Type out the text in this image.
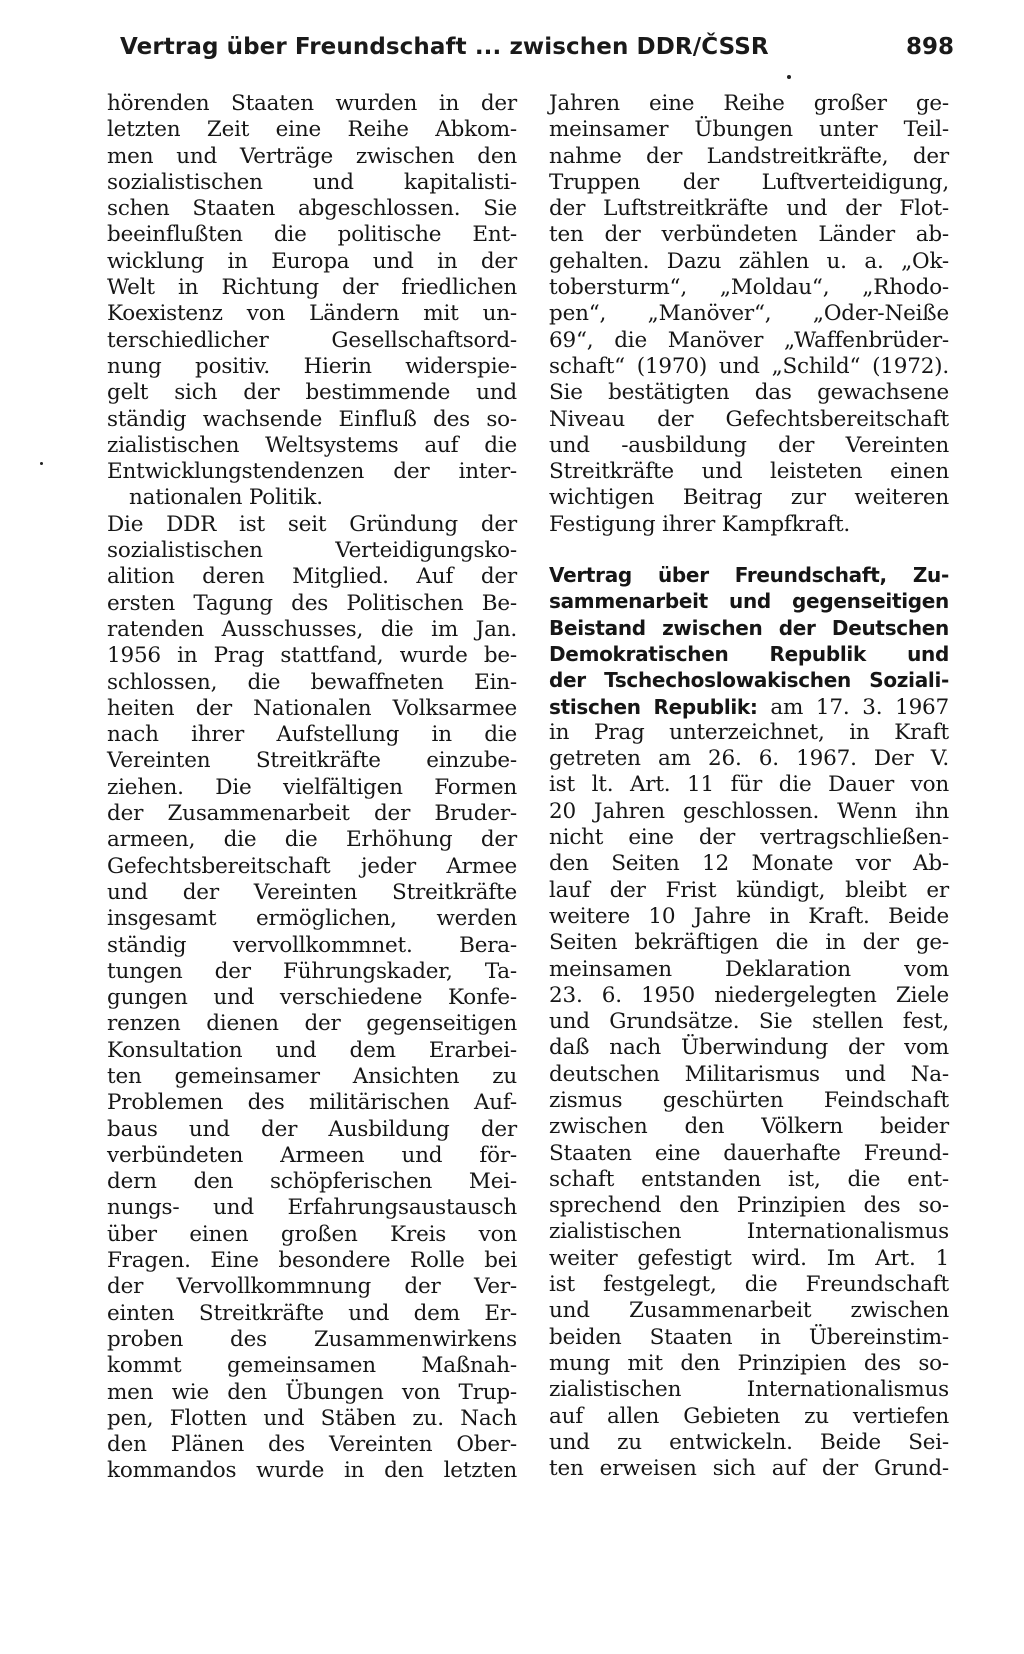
Vertrag über Freundschaft ... zwischen DDR/ČSSR	898
hörenden Staaten wurden in der
letzten Zeit eine Reihe Abkom-
men und Verträge zwischen den
sozialistischen und kapitalisti-
schen Staaten abgeschlossen. Sie
beeinflußten die politische Ent-
wicklung in Europa und in der
Welt in Richtung der friedlichen
Koexistenz von Ländern mit un-
terschiedlicher Gesellschaftsord-
nung positiv. Hierin widerspie-
gelt sich der bestimmende und
ständig wachsende Einfluß des so-
zialistischen Weltsystems auf die
Entwicklungstendenzen der inter-
nationalen Politik.
Die DDR ist seit Gründung der
sozialistischen Verteidigungsko-
alition deren Mitglied. Auf der
ersten Tagung des Politischen Be-
ratenden Ausschusses, die im Jan.
1956 in Prag stattfand, wurde be-
schlossen, die bewaffneten Ein-
heiten der Nationalen Volksarmee
nach ihrer Aufstellung in die
Vereinten Streitkräfte einzube-
ziehen. Die vielfältigen Formen
der Zusammenarbeit der Bruder-
armeen, die die Erhöhung der
Gefechtsbereitschaft jeder Armee
und der Vereinten Streitkräfte
insgesamt ermöglichen, werden
ständig vervollkommnet. Bera-
tungen der Führungskader, Ta-
gungen und verschiedene Konfe-
renzen dienen der gegenseitigen
Konsultation und dem Erarbei-
ten gemeinsamer Ansichten zu
Problemen des militärischen Auf-
baus und der Ausbildung der
verbündeten Armeen und för-
dern den schöpferischen Mei-
nungs- und Erfahrungsaustausch
über einen großen Kreis von
Fragen. Eine besondere Rolle bei
der Vervollkommnung der Ver-
einten Streitkräfte und dem Er-
proben des Zusammenwirkens
kommt gemeinsamen Maßnah-
men wie den Übungen von Trup-
pen, Flotten und Stäben zu. Nach
den Plänen des Vereinten Ober-
kommandos wurde in den letzten
Jahren eine Reihe großer ge-
meinsamer Übungen unter Teil-
nahme der Landstreitkräfte, der
Truppen der Luftverteidigung,
der Luftstreitkräfte und der Flot-
ten der verbündeten Länder ab-
gehalten. Dazu zählen u. a. „Ok-
tobersturm“, „Moldau“, „Rhodo-
pen“, „Manöver“, „Oder-Neiße
69“, die Manöver „Waffenbrüder-
schaft“ (1970) und „Schild“ (1972).
Sie bestätigten das gewachsene
Niveau der Gefechtsbereitschaft
und -ausbildung der Vereinten
Streitkräfte und leisteten einen
wichtigen Beitrag zur weiteren
Festigung ihrer Kampfkraft.
Vertrag über Freundschaft, Zu-
sammenarbeit und gegenseitigen
Beistand zwischen der Deutschen
Demokratischen Republik und
der Tschechoslowakischen Soziali-
stischen Republik: am 17. 3. 1967
in Prag unterzeichnet, in Kraft
getreten am 26. 6. 1967. Der V.
ist lt. Art. 11 für die Dauer von
20 Jahren geschlossen. Wenn ihn
nicht eine der vertragschließen-
den Seiten 12 Monate vor Ab-
lauf der Frist kündigt, bleibt er
weitere 10 Jahre in Kraft. Beide
Seiten bekräftigen die in der ge-
meinsamen Deklaration vom
23. 6. 1950 niedergelegten Ziele
und Grundsätze. Sie stellen fest,
daß nach Überwindung der vom
deutschen Militarismus und Na-
zismus geschürten Feindschaft
zwischen den Völkern beider
Staaten eine dauerhafte Freund-
schaft entstanden ist, die ent-
sprechend den Prinzipien des so-
zialistischen Internationalismus
weiter gefestigt wird. Im Art. 1
ist festgelegt, die Freundschaft
und Zusammenarbeit zwischen
beiden Staaten in Übereinstim-
mung mit den Prinzipien des so-
zialistischen Internationalismus
auf allen Gebieten zu vertiefen
und zu entwickeln. Beide Sei-
ten erweisen sich auf der Grund-
